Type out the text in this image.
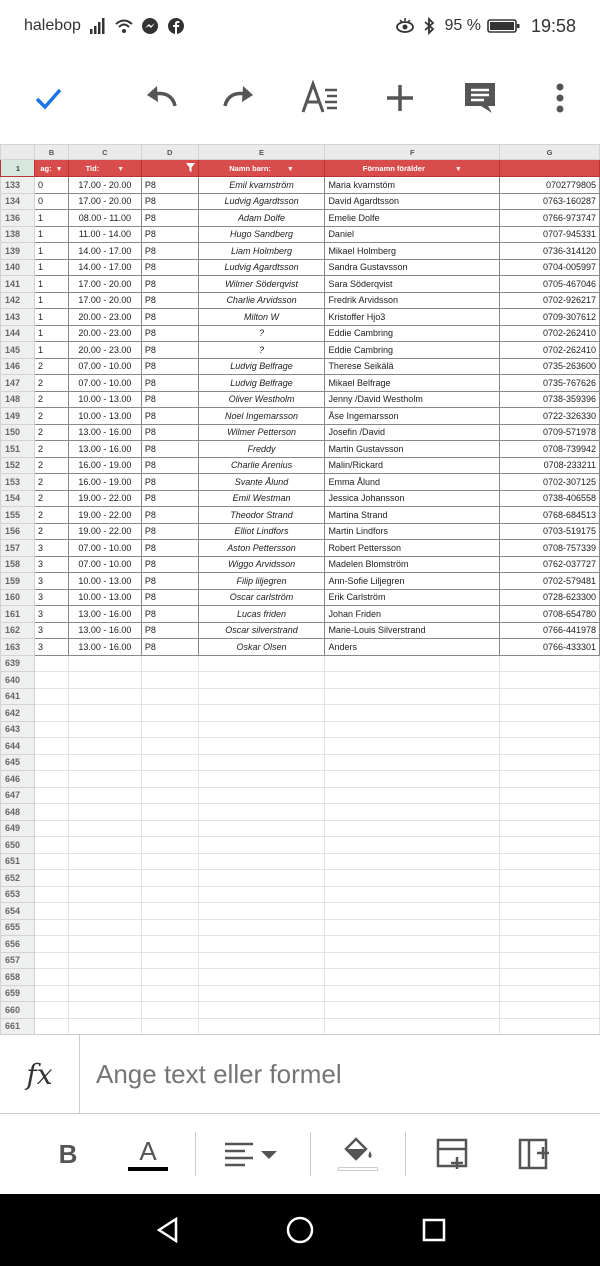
halebop	95 %	19:58
	B	C	D	E	F	G
1	ag: ▼	Tid: ▼		Namn barn: ▼	Förnamn förälder ▼	
133	0	17.00 - 20.00	P8	Emil kvarnström	Maria kvarnstöm	0702779805
134	0	17.00 - 20.00	P8	Ludvig Agardtsson	David Agardtsson	0763-160287
136	1	08.00 - 11.00	P8	Adam Dolfe	Emelie Dolfe	0766-973747
138	1	11.00 - 14.00	P8	Hugo Sandberg	Daniel	0707-945331
139	1	14.00 - 17.00	P8	Liam Holmberg	Mikael Holmberg	0736-314120
140	1	14.00 - 17.00	P8	Ludvig Agardtsson	Sandra Gustavsson	0704-005997
141	1	17.00 - 20.00	P8	Wilmer Söderqvist	Sara Söderqvist	0705-467046
142	1	17.00 - 20.00	P8	Charlie Arvidsson	Fredrik Arvidsson	0702-926217
143	1	20.00 - 23.00	P8	Milton W	Kristoffer Hjo3	0709-307612
144	1	20.00 - 23.00	P8	?	Eddie Cambring	0702-262410
145	1	20.00 - 23.00	P8	?	Eddie Cambring	0702-262410
146	2	07.00 - 10.00	P8	Ludvig Belfrage	Therese Seikälä	0735-263600
147	2	07.00 - 10.00	P8	Ludvig Belfrage	Mikael Belfrage	0735-767626
148	2	10.00 - 13.00	P8	Oliver Westholm	Jenny /David Westholm	0738-359396
149	2	10.00 - 13.00	P8	Noel Ingemarsson	Åse Ingemarsson	0722-326330
150	2	13.00 - 16.00	P8	Wilmer Petterson	Josefin /David	0709-571978
151	2	13.00 - 16.00	P8	Freddy	Martin Gustavsson	0708-739942
152	2	16.00 - 19.00	P8	Charlie Arenius	Malin/Rickard	0708-233211
153	2	16.00 - 19.00	P8	Svante Ålund	Emma Ålund	0702-307125
154	2	19.00 - 22.00	P8	Emil Westman	Jessica Johansson	0738-406558
155	2	19.00 - 22.00	P8	Theodor Strand	Martina Strand	0768-684513
156	2	19.00 - 22.00	P8	Elliot Lindfors	Martin Lindfors	0703-519175
157	3	07.00 - 10.00	P8	Aston Pettersson	Robert Pettersson	0708-757339
158	3	07.00 - 10.00	P8	Wiggo Arvidsson	Madelen Blomström	0762-037727
159	3	10.00 - 13.00	P8	Filip liljegren	Ann-Sofie Liljegren	0702-579481
160	3	10.00 - 13.00	P8	Oscar carlström	Erik Carlström	0728-623300
161	3	13.00 - 16.00	P8	Lucas friden	Johan Friden	0708-654780
162	3	13.00 - 16.00	P8	Oscar silverstrand	Marie-Louis Silverstrand	0766-441978
163	3	13.00 - 16.00	P8	Oskar Olsen	Anders	0766-433301
639						
640						
641						
642						
643						
644						
645						
646						
647						
648						
649						
650						
651						
652						
653						
654						
655						
656						
657						
658						
659						
660						
661						

fx
Ange text eller formel
B A
